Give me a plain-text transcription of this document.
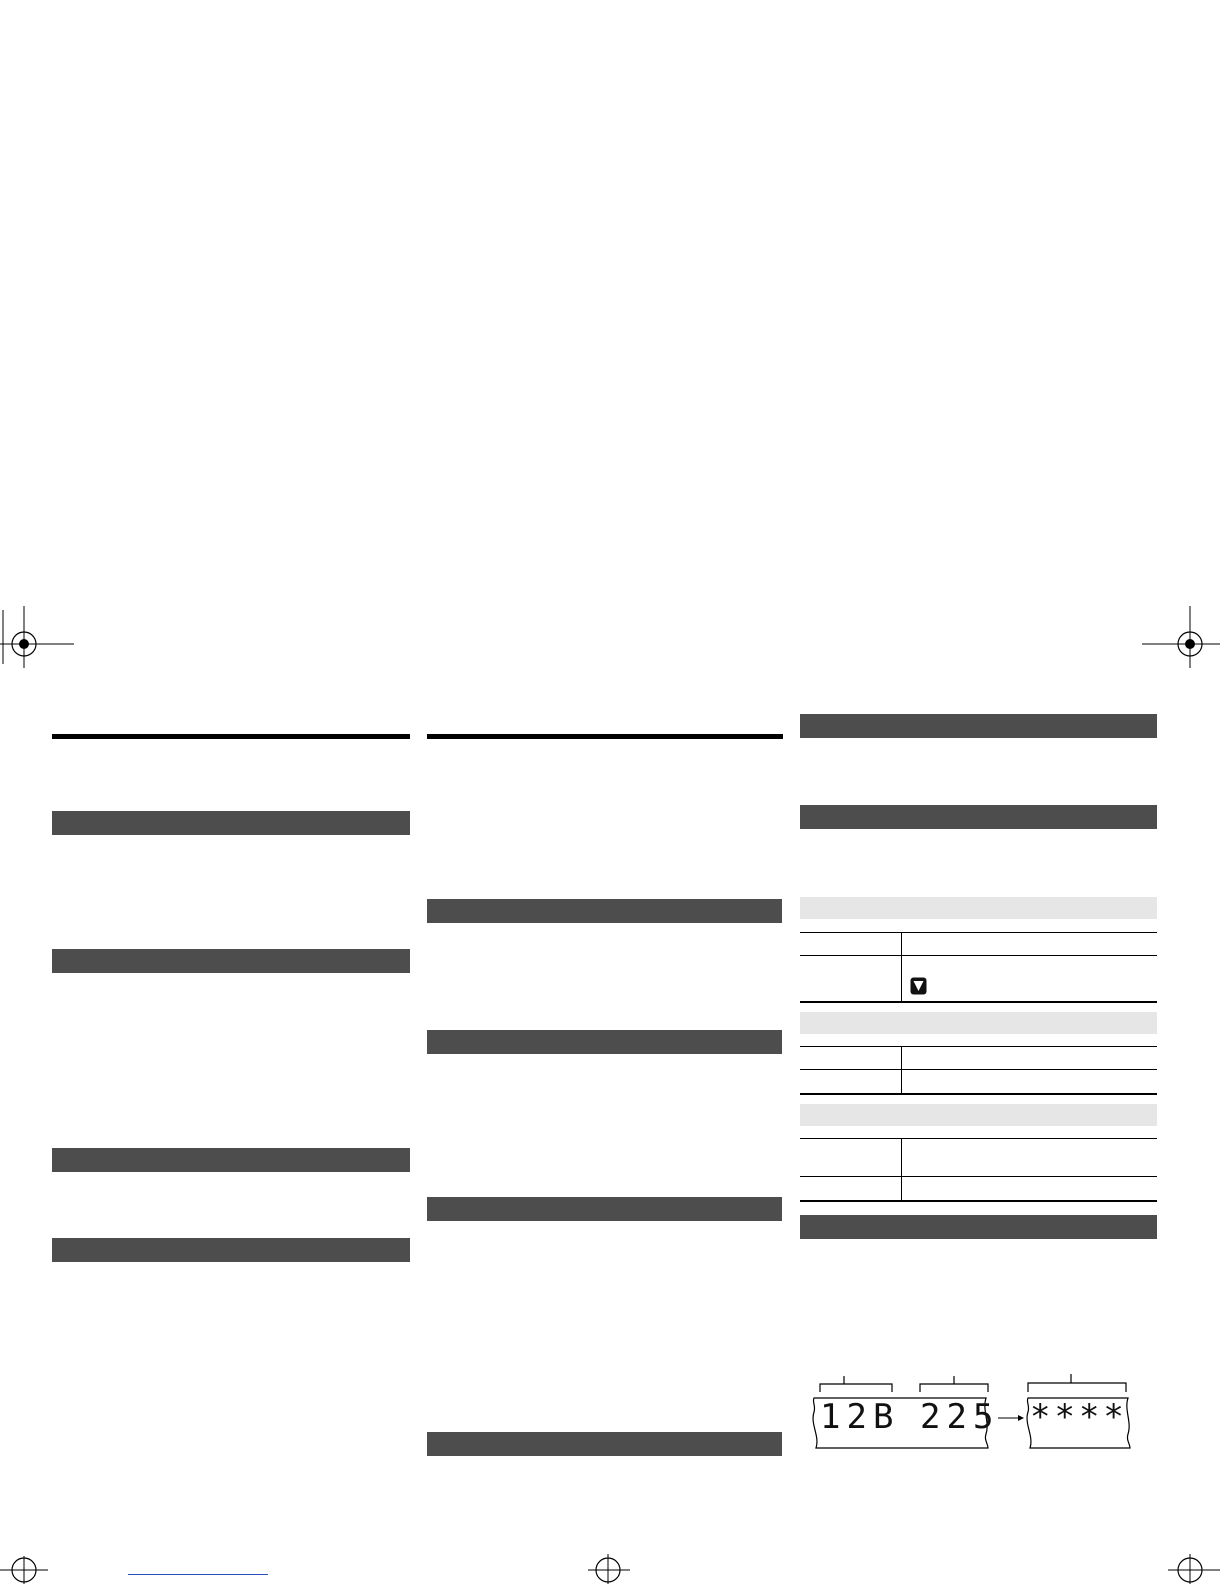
12B 225 ****
